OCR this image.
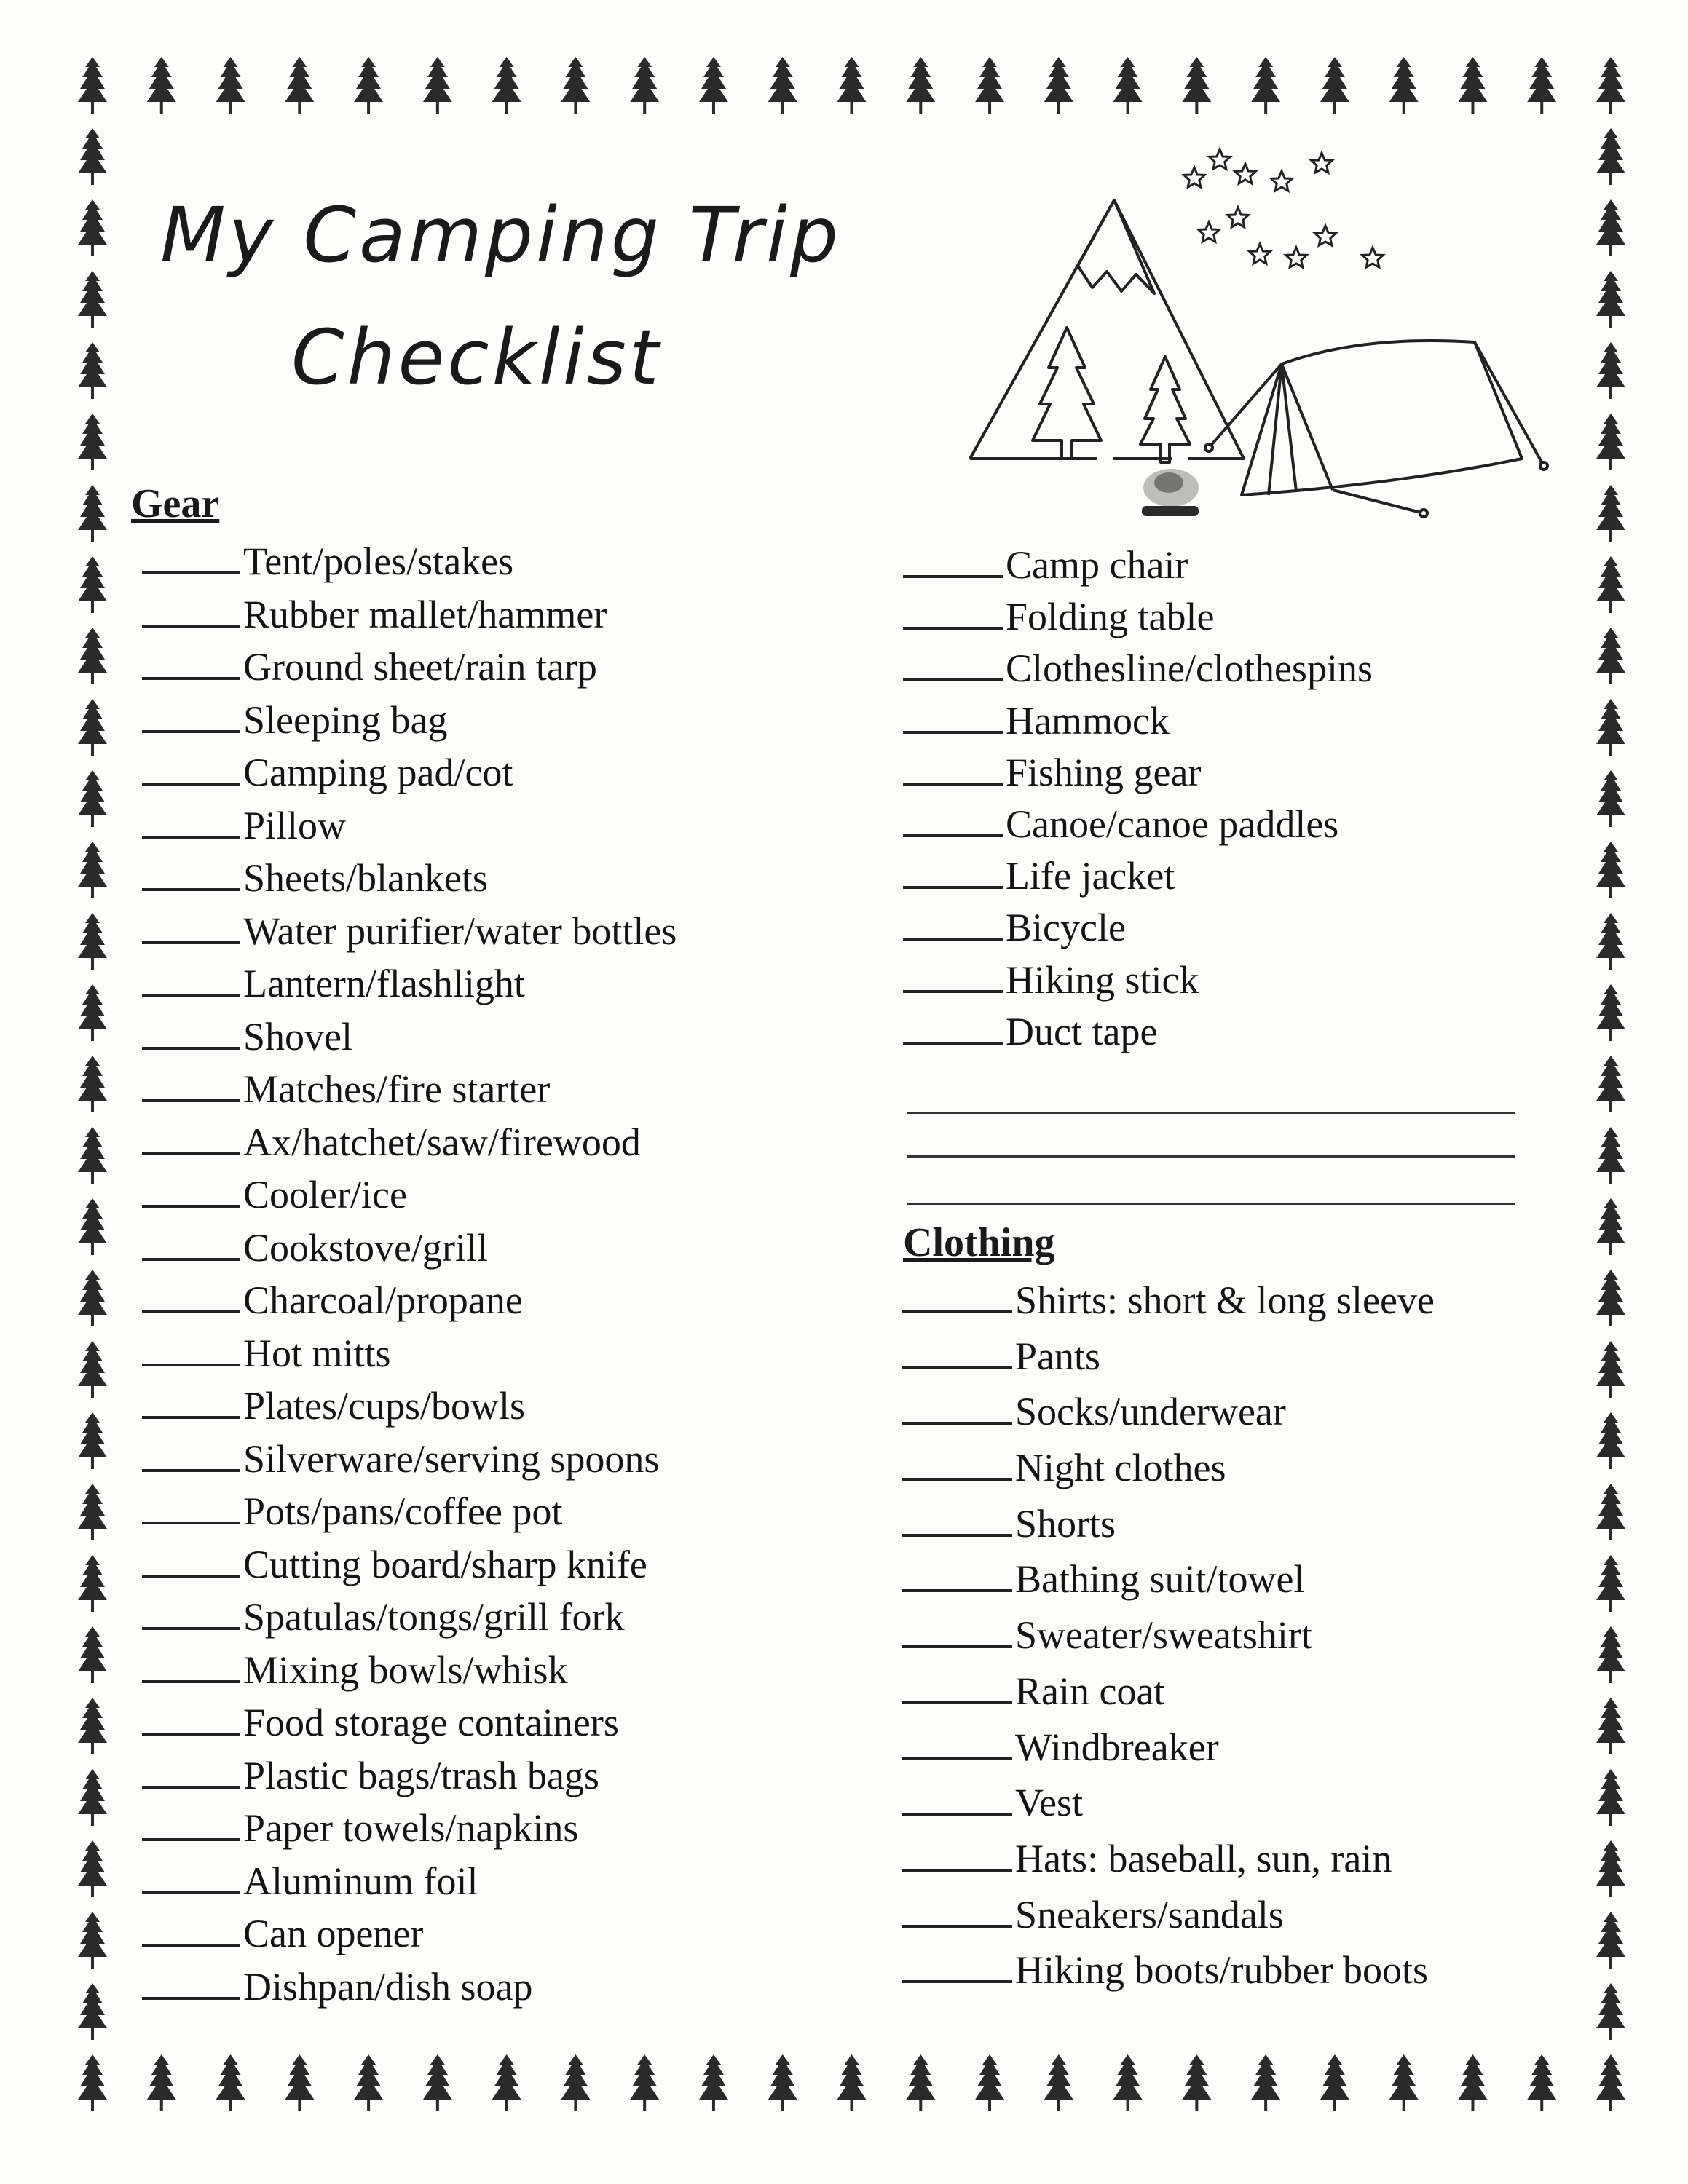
My Camping Trip
Checklist
Gear
Tent/poles/stakes
Rubber mallet/hammer
Ground sheet/rain tarp
Sleeping bag
Camping pad/cot
Pillow
Sheets/blankets
Water purifier/water bottles
Lantern/flashlight
Shovel
Matches/fire starter
Ax/hatchet/saw/firewood
Cooler/ice
Cookstove/grill
Charcoal/propane
Hot mitts
Plates/cups/bowls
Silverware/serving spoons
Pots/pans/coffee pot
Cutting board/sharp knife
Spatulas/tongs/grill fork
Mixing bowls/whisk
Food storage containers
Plastic bags/trash bags
Paper towels/napkins
Aluminum foil
Can opener
Dishpan/dish soap
Camp chair
Folding table
Clothesline/clothespins
Hammock
Fishing gear
Canoe/canoe paddles
Life jacket
Bicycle
Hiking stick
Duct tape
Clothing
Shirts: short & long sleeve
Pants
Socks/underwear
Night clothes
Shorts
Bathing suit/towel
Sweater/sweatshirt
Rain coat
Windbreaker
Vest
Hats: baseball, sun, rain
Sneakers/sandals
Hiking boots/rubber boots
